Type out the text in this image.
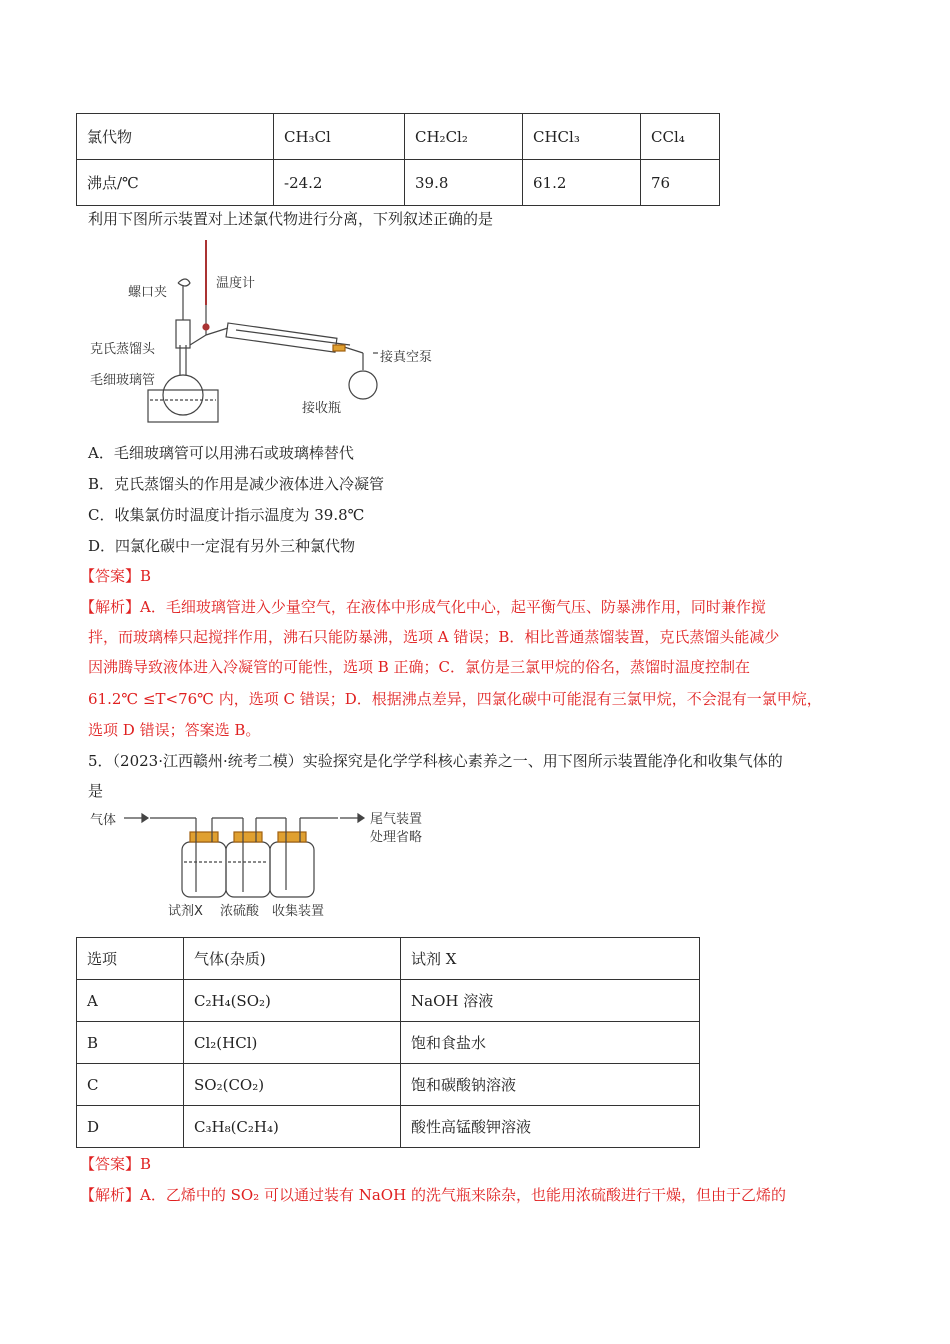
氯代物	CH₃Cl	CH₂Cl₂	CHCl₃	CCl₄
沸点/℃	-24.2	39.8	61.2	76
利用下图所示装置对上述氯代物进行分离，下列叙述正确的是
螺口夹
温度计
克氏蒸馏头
接真空泵
毛细玻璃管
接收瓶
A．毛细玻璃管可以用沸石或玻璃棒替代
B．克氏蒸馏头的作用是减少液体进入冷凝管
C．收集氯仿时温度计指示温度为 39.8℃
D．四氯化碳中一定混有另外三种氯代物
【答案】B
【解析】A．毛细玻璃管进入少量空气，在液体中形成气化中心，起平衡气压、防暴沸作用，同时兼作搅
拌，而玻璃棒只起搅拌作用，沸石只能防暴沸，选项 A 错误；B．相比普通蒸馏装置，克氏蒸馏头能减少
因沸腾导致液体进入冷凝管的可能性，选项 B 正确；C．氯仿是三氯甲烷的俗名，蒸馏时温度控制在
61.2℃ ≤T<76℃ 内，选项 C 错误；D．根据沸点差异，四氯化碳中可能混有三氯甲烷，不会混有一氯甲烷，
选项 D 错误；答案选 B。
5．（2023·江西赣州·统考二模）实验探究是化学学科核心素养之一、用下图所示装置能净化和收集气体的
是
气体	尾气装置
处理省略
试剂X 浓硫酸 收集装置
选项	气体(杂质)	试剂 X
A	C₂H₄(SO₂)	NaOH 溶液
B	Cl₂(HCl)	饱和食盐水
C	SO₂(CO₂)	饱和碳酸钠溶液
D	C₃H₈(C₂H₄)	酸性高锰酸钾溶液
【答案】B
【解析】A．乙烯中的 SO₂ 可以通过装有 NaOH 的洗气瓶来除杂，也能用浓硫酸进行干燥，但由于乙烯的
